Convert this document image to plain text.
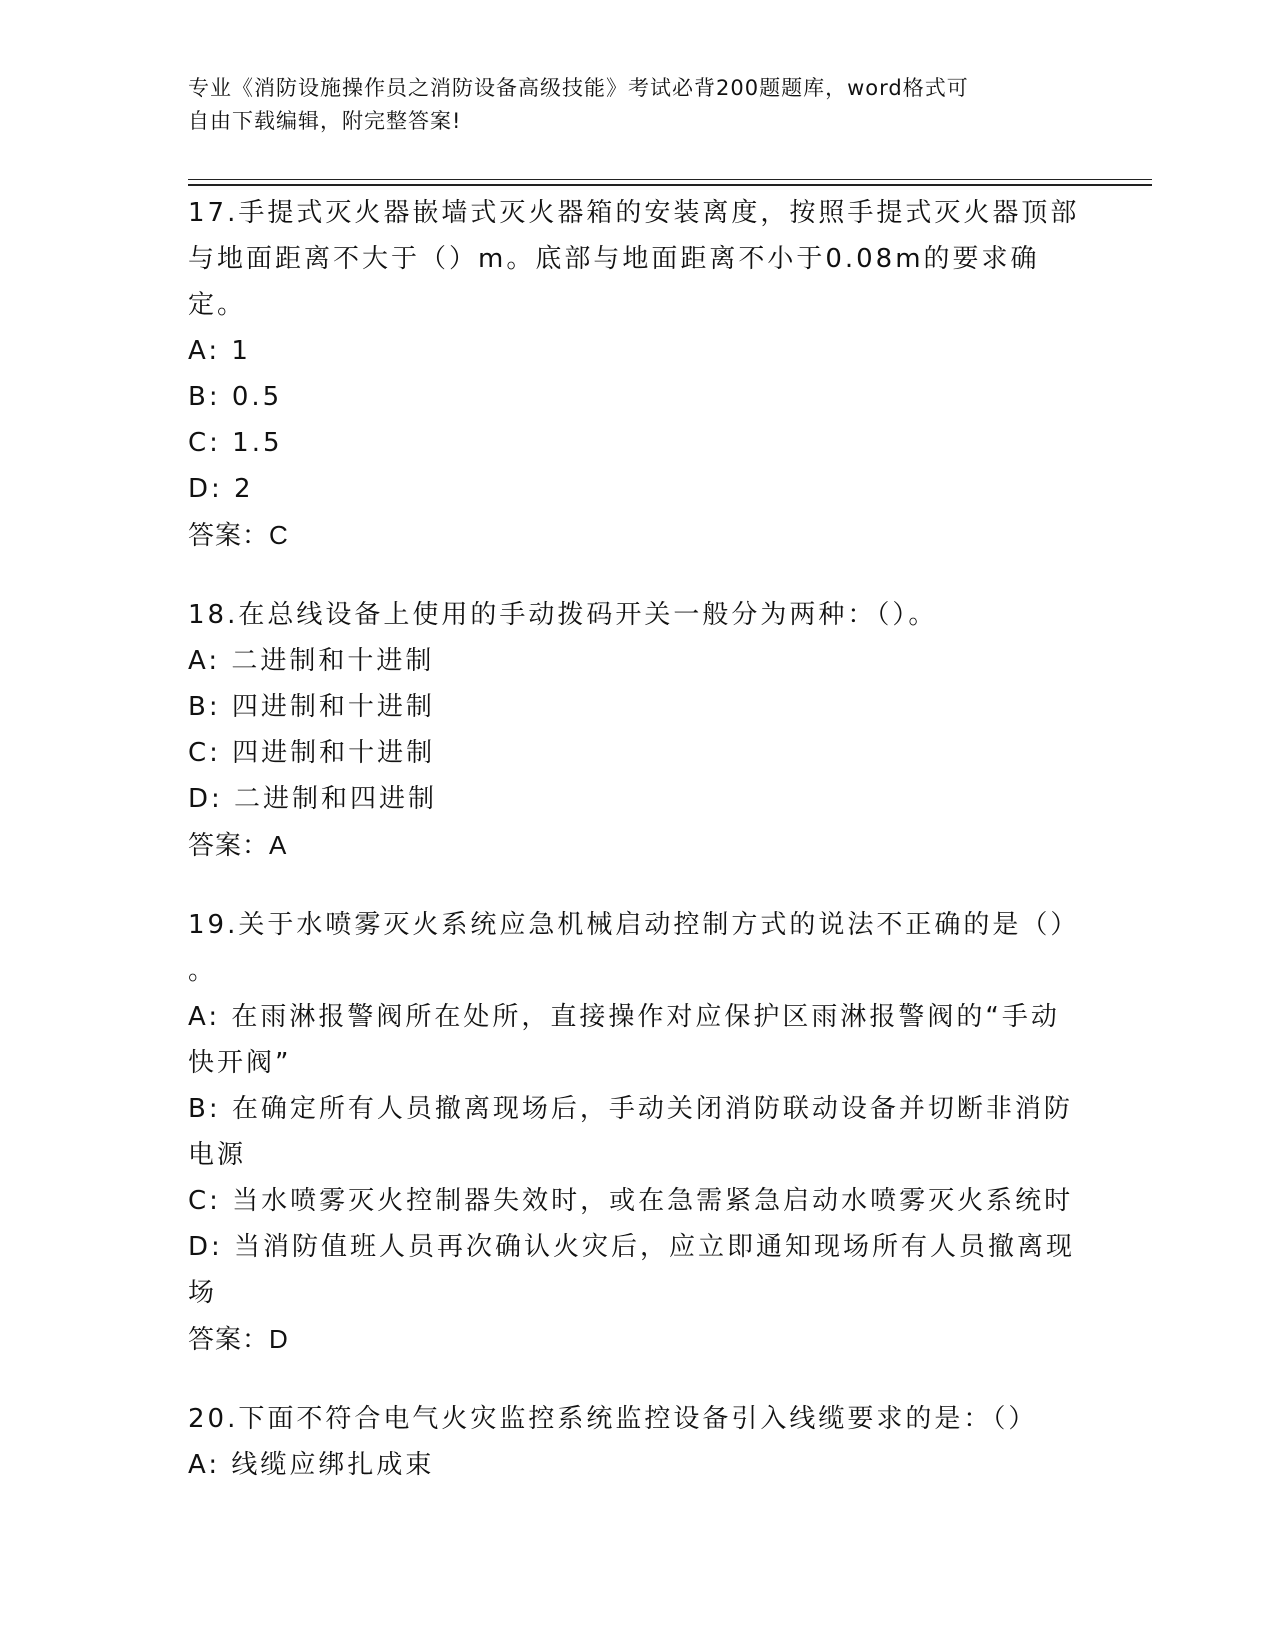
专业《消防设施操作员之消防设备高级技能》考试必背200题题库，word格式可
自由下载编辑，附完整答案!
17.手提式灭火器嵌墙式灭火器箱的安装离度，按照手提式灭火器顶部
与地面距离不大于（）m。底部与地面距离不小于0.08m的要求确定。
A: 1
B: 0.5
C: 1.5
D: 2
答案：C
18.在总线设备上使用的手动拨码开关一般分为两种：（）。
A: 二进制和十进制
B: 四进制和十进制
C: 四进制和十进制
D: 二进制和四进制
答案：A
19.关于水喷雾灭火系统应急机械启动控制方式的说法不正确的是（）
。
A: 在雨淋报警阀所在处所，直接操作对应保护区雨淋报警阀的“手动
快开阀”
B: 在确定所有人员撤离现场后，手动关闭消防联动设备并切断非消防
电源
C: 当水喷雾灭火控制器失效时，或在急需紧急启动水喷雾灭火系统时
D: 当消防值班人员再次确认火灾后，应立即通知现场所有人员撤离现
场
答案：D
20.下面不符合电气火灾监控系统监控设备引入线缆要求的是：（）
A: 线缆应绑扎成束
